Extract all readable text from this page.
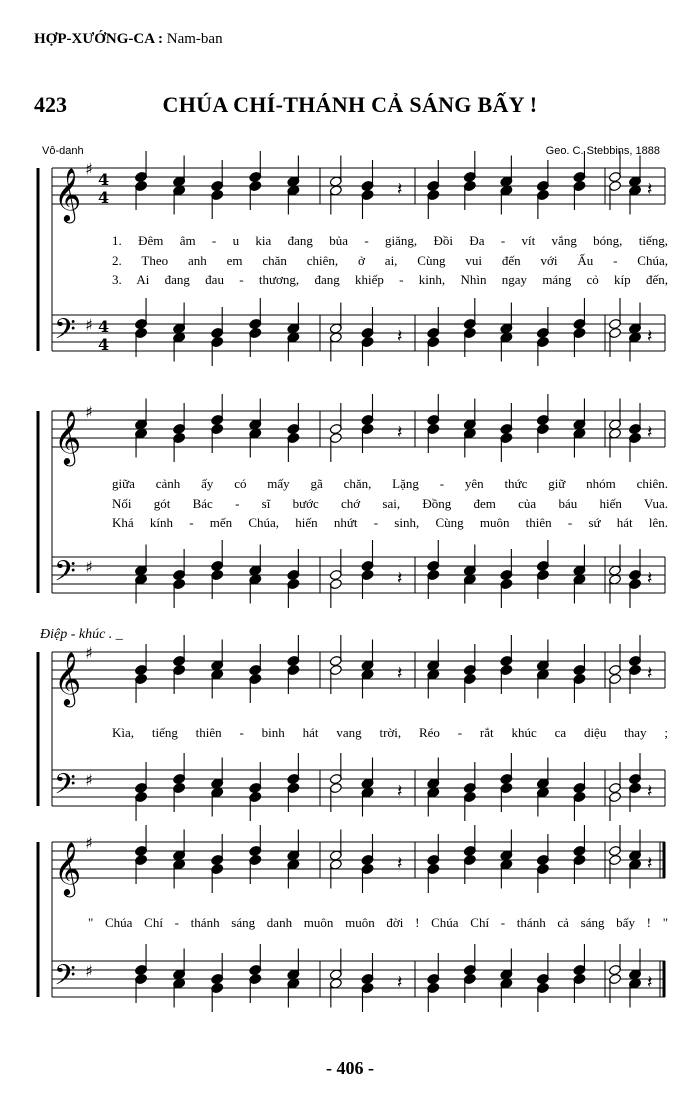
HỢP-XƯỚNG-CA : Nam-ban
423	CHÚA CHÍ-THÁNH CẢ SÁNG BẤY !
Vô-danh	Geo. C. Stebbins, 1888
𝄞 ♯
4
4	𝄽	𝄽
𝄢 ♯ 4
4	𝄽	𝄽
𝄞 ♯
𝄽	𝄽
𝄢 ♯
𝄽	𝄽
𝄞 ♯
𝄽	𝄽
𝄢 ♯
𝄽	𝄽
𝄞 ♯
𝄽	𝄽
𝄢 ♯
𝄽	𝄽
1. Đêm âm - u kia đang bủa - giăng, Đồi Đa - vít vắng bóng, tiếng,
2. Theo anh em chăn chiên, ở ai, Cùng vui đến với Ấu - Chúa,
3. Ai đang đau - thương, đang khiếp - kinh, Nhìn ngay máng cỏ kíp đến,
giữa cảnh ấy có mấy gã chăn, Lặng - yên thức giữ nhóm chiên.
Nối gót Bác - sĩ bước chớ sai, Đồng đem của báu hiến Vua.
Khá kính - mến Chúa, hiến nhứt - sinh, Cùng muôn thiên - sứ hát lên.
Điệp - khúc . _
Kìa, tiếng thiên - binh hát vang trời, Réo - rắt khúc ca diệu thay ;
" Chúa Chí - thánh sáng danh muôn muôn đời ! Chúa Chí - thánh cả sáng bấy ! "
- 406 -
